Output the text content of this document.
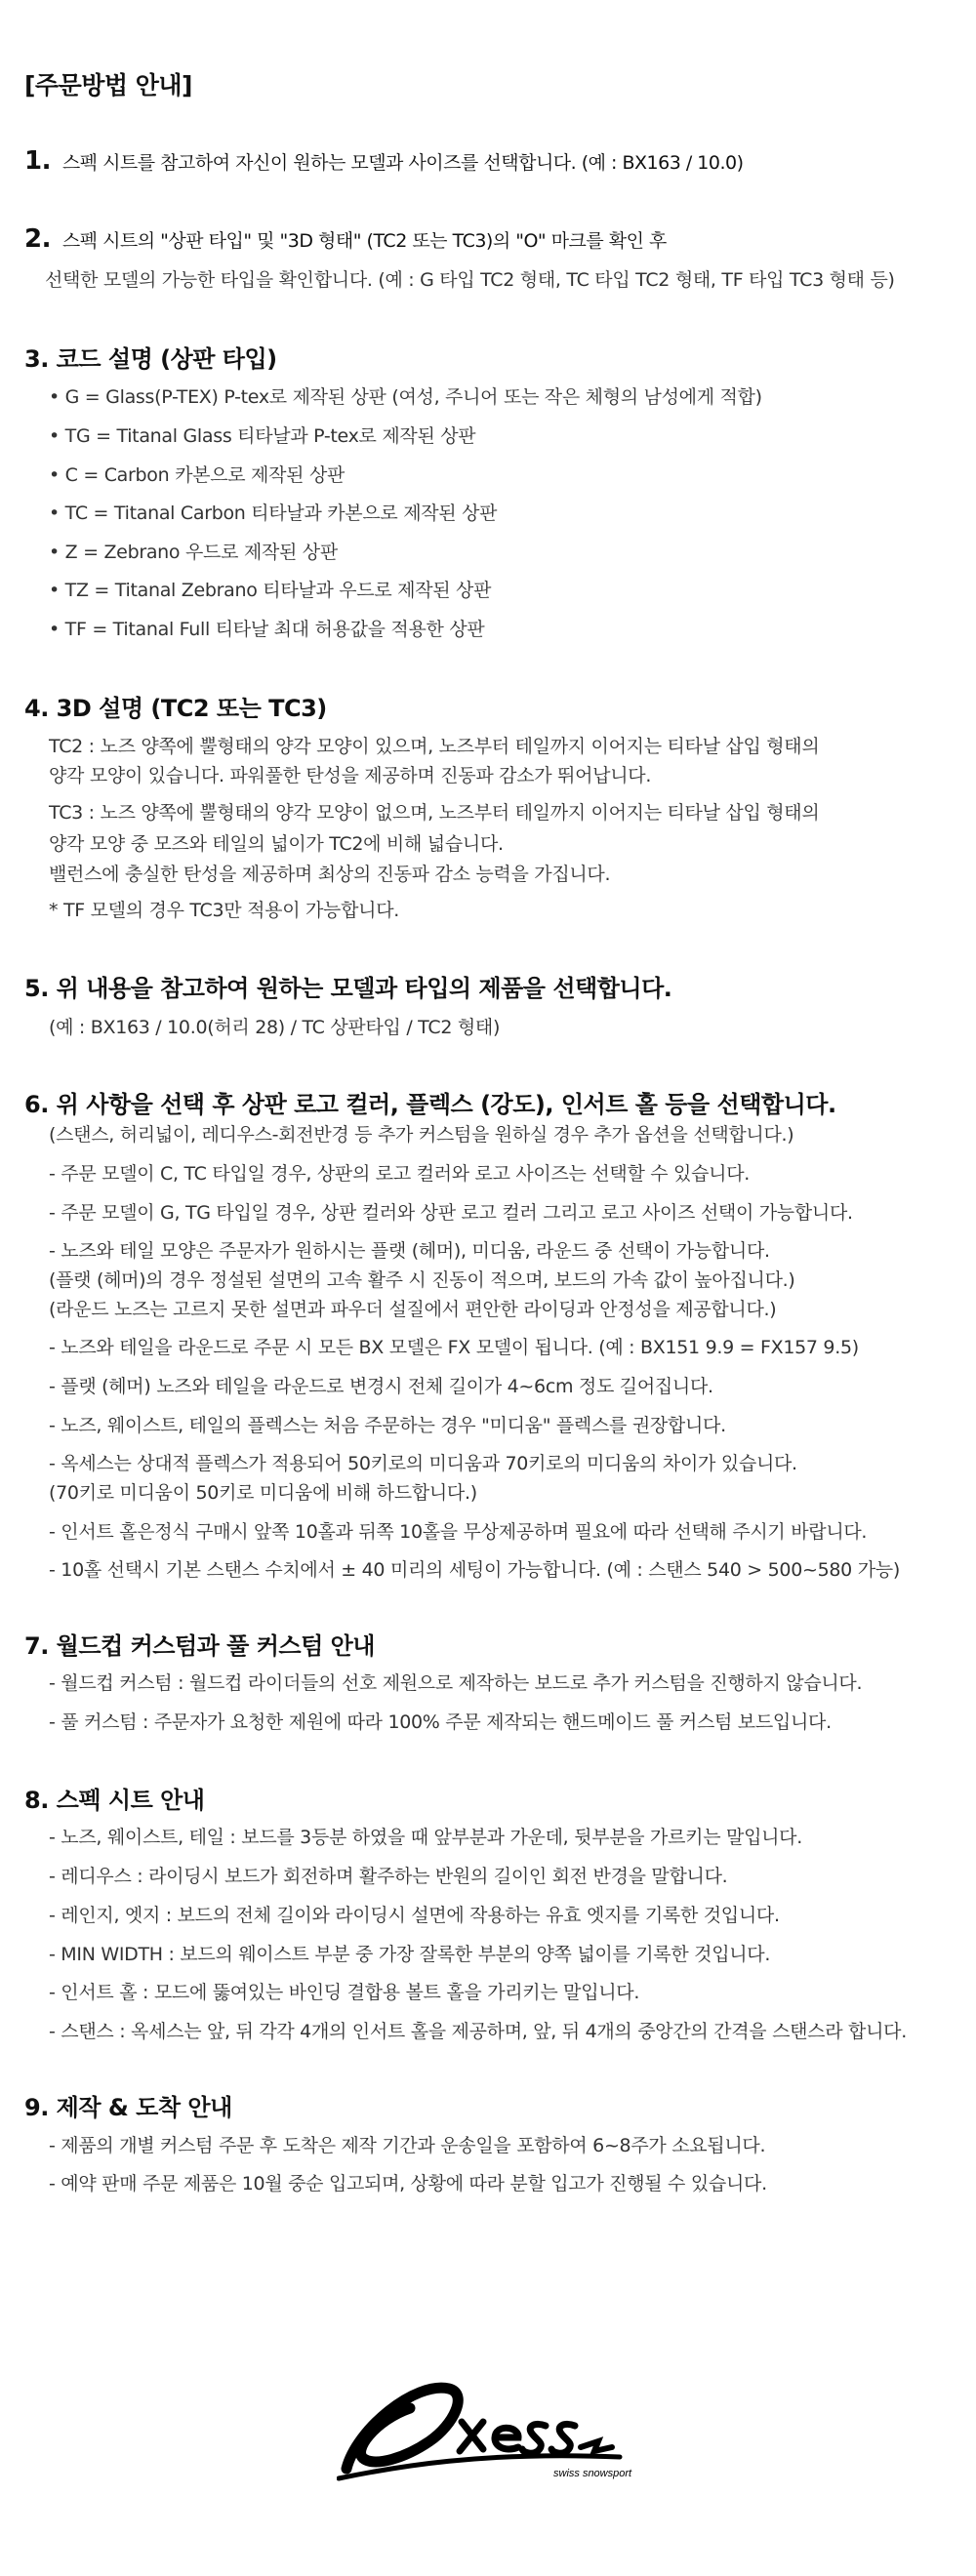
[주문방법 안내]
1. 스펙 시트를 참고하여 자신이 원하는 모델과 사이즈를 선택합니다. (예 : BX163 / 10.0)
2. 스펙 시트의 "상판 타입" 및 "3D 형태" (TC2 또는 TC3)의 "O" 마크를 확인 후
선택한 모델의 가능한 타입을 확인합니다. (예 : G 타입 TC2 형태, TC 타입 TC2 형태, TF 타입 TC3 형태 등)
3. 코드 설명 (상판 타입)
• G = Glass(P-TEX) P-tex로 제작된 상판 (여성, 주니어 또는 작은 체형의 남성에게 적합)
• TG = Titanal Glass 티타날과 P-tex로 제작된 상판
• C = Carbon 카본으로 제작된 상판
• TC = Titanal Carbon 티타날과 카본으로 제작된 상판
• Z = Zebrano 우드로 제작된 상판
• TZ = Titanal Zebrano 티타날과 우드로 제작된 상판
• TF = Titanal Full 티타날 최대 허용값을 적용한 상판
4. 3D 설명 (TC2 또는 TC3)
TC2 : 노즈 양쪽에 뿔형태의 양각 모양이 있으며, 노즈부터 테일까지 이어지는 티타날 삽입 형태의
양각 모양이 있습니다. 파워풀한 탄성을 제공하며 진동파 감소가 뛰어납니다.
TC3 : 노즈 양쪽에 뿔형태의 양각 모양이 없으며, 노즈부터 테일까지 이어지는 티타날 삽입 형태의
양각 모양 중 모즈와 테일의 넓이가 TC2에 비해 넓습니다.
밸런스에 충실한 탄성을 제공하며 최상의 진동파 감소 능력을 가집니다.
* TF 모델의 경우 TC3만 적용이 가능합니다.
5. 위 내용을 참고하여 원하는 모델과 타입의 제품을 선택합니다.
(예 : BX163 / 10.0(허리 28) / TC 상판타입 / TC2 형태)
6. 위 사항을 선택 후 상판 로고 컬러, 플렉스 (강도), 인서트 홀 등을 선택합니다.
(스탠스, 허리넓이, 레디우스-회전반경 등 추가 커스텀을 원하실 경우 추가 옵션을 선택합니다.)
- 주문 모델이 C, TC 타입일 경우, 상판의 로고 컬러와 로고 사이즈는 선택할 수 있습니다.
- 주문 모델이 G, TG 타입일 경우, 상판 컬러와 상판 로고 컬러 그리고 로고 사이즈 선택이 가능합니다.
- 노즈와 테일 모양은 주문자가 원하시는 플랫 (헤머), 미디움, 라운드 중 선택이 가능합니다.
(플랫 (헤머)의 경우 정설된 설면의 고속 활주 시 진동이 적으며, 보드의 가속 값이 높아집니다.)
(라운드 노즈는 고르지 못한 설면과 파우더 설질에서 편안한 라이딩과 안정성을 제공합니다.)
- 노즈와 테일을 라운드로 주문 시 모든 BX 모델은 FX 모델이 됩니다. (예 : BX151 9.9 = FX157 9.5)
- 플랫 (헤머) 노즈와 테일을 라운드로 변경시 전체 길이가 4~6cm 정도 길어집니다.
- 노즈, 웨이스트, 테일의 플렉스는 처음 주문하는 경우 "미디움" 플렉스를 권장합니다.
- 옥세스는 상대적 플렉스가 적용되어 50키로의 미디움과 70키로의 미디움의 차이가 있습니다.
(70키로 미디움이 50키로 미디움에 비해 하드합니다.)
- 인서트 홀은정식 구매시 앞쪽 10홀과 뒤쪽 10홀을 무상제공하며 필요에 따라 선택해 주시기 바랍니다.
- 10홀 선택시 기본 스탠스 수치에서 ± 40 미리의 세팅이 가능합니다. (예 : 스탠스 540 > 500~580 가능)
7. 월드컵 커스텀과 풀 커스텀 안내
- 월드컵 커스텀 : 월드컵 라이더들의 선호 제원으로 제작하는 보드로 추가 커스텀을 진행하지 않습니다.
- 풀 커스텀 : 주문자가 요청한 제원에 따라 100% 주문 제작되는 핸드메이드 풀 커스텀 보드입니다.
8. 스펙 시트 안내
- 노즈, 웨이스트, 테일 : 보드를 3등분 하였을 때 앞부분과 가운데, 뒷부분을 가르키는 말입니다.
- 레디우스 : 라이딩시 보드가 회전하며 활주하는 반원의 길이인 회전 반경을 말합니다.
- 레인지, 엣지 : 보드의 전체 길이와 라이딩시 설면에 작용하는 유효 엣지를 기록한 것입니다.
- MIN WIDTH : 보드의 웨이스트 부분 중 가장 잘록한 부분의 양쪽 넓이를 기록한 것입니다.
- 인서트 홀 : 모드에 뚫여있는 바인딩 결합용 볼트 홀을 가리키는 말입니다.
- 스탠스 : 옥세스는 앞, 뒤 각각 4개의 인서트 홀을 제공하며, 앞, 뒤 4개의 중앙간의 간격을 스탠스라 합니다.
9. 제작 & 도착 안내
- 제품의 개별 커스텀 주문 후 도착은 제작 기간과 운송일을 포함하여 6~8주가 소요됩니다.
- 예약 판매 주문 제품은 10월 중순 입고되며, 상황에 따라 분할 입고가 진행될 수 있습니다.
swiss snowsport
